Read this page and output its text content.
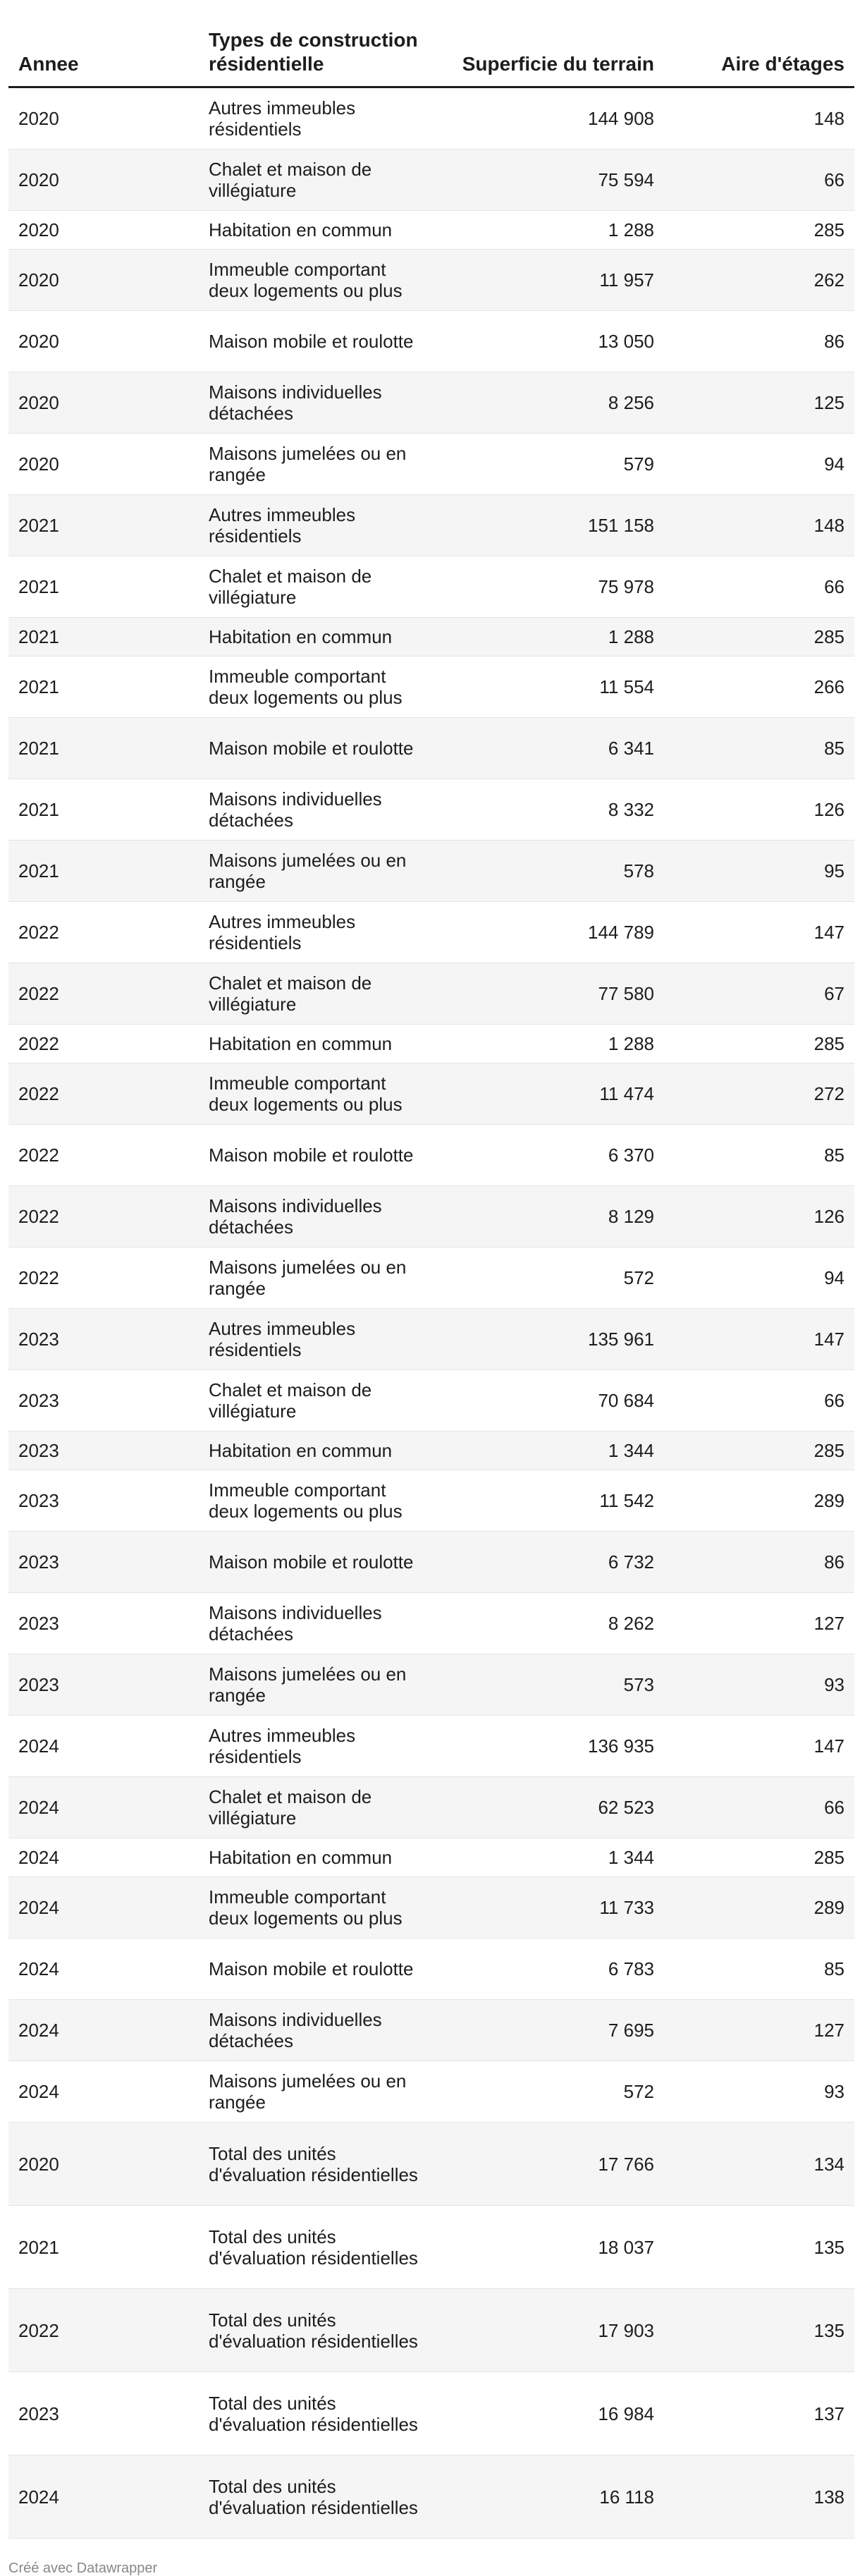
Annee	Types de construction résidentielle	Superficie du terrain	Aire d'étages
2020	Autres immeubles résidentiels	144 908	148
2020	Chalet et maison de villégiature	75 594	66
2020	Habitation en commun	1 288	285
2020	Immeuble comportant deux logements ou plus	11 957	262
2020	Maison mobile et roulotte	13 050	86
2020	Maisons individuelles détachées	8 256	125
2020	Maisons jumelées ou en rangée	579	94
2021	Autres immeubles résidentiels	151 158	148
2021	Chalet et maison de villégiature	75 978	66
2021	Habitation en commun	1 288	285
2021	Immeuble comportant deux logements ou plus	11 554	266
2021	Maison mobile et roulotte	6 341	85
2021	Maisons individuelles détachées	8 332	126
2021	Maisons jumelées ou en rangée	578	95
2022	Autres immeubles résidentiels	144 789	147
2022	Chalet et maison de villégiature	77 580	67
2022	Habitation en commun	1 288	285
2022	Immeuble comportant deux logements ou plus	11 474	272
2022	Maison mobile et roulotte	6 370	85
2022	Maisons individuelles détachées	8 129	126
2022	Maisons jumelées ou en rangée	572	94
2023	Autres immeubles résidentiels	135 961	147
2023	Chalet et maison de villégiature	70 684	66
2023	Habitation en commun	1 344	285
2023	Immeuble comportant deux logements ou plus	11 542	289
2023	Maison mobile et roulotte	6 732	86
2023	Maisons individuelles détachées	8 262	127
2023	Maisons jumelées ou en rangée	573	93
2024	Autres immeubles résidentiels	136 935	147
2024	Chalet et maison de villégiature	62 523	66
2024	Habitation en commun	1 344	285
2024	Immeuble comportant deux logements ou plus	11 733	289
2024	Maison mobile et roulotte	6 783	85
2024	Maisons individuelles détachées	7 695	127
2024	Maisons jumelées ou en rangée	572	93
2020	Total des unités d'évaluation résidentielles	17 766	134
2021	Total des unités d'évaluation résidentielles	18 037	135
2022	Total des unités d'évaluation résidentielles	17 903	135
2023	Total des unités d'évaluation résidentielles	16 984	137
2024	Total des unités d'évaluation résidentielles	16 118	138
Créé avec Datawrapper
